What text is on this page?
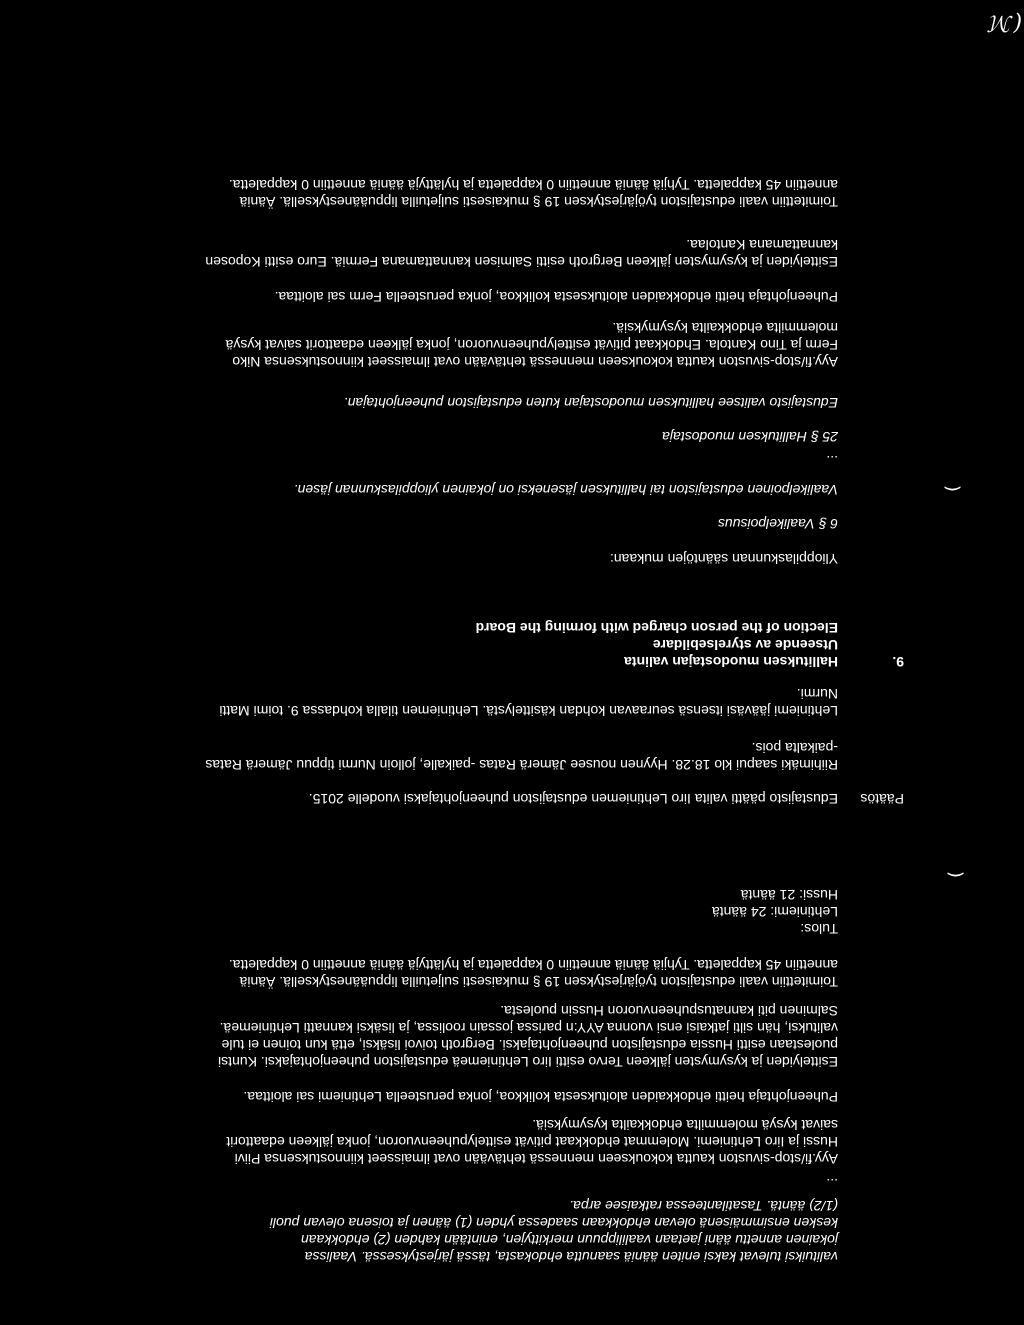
(ℳ
valituiksi tulevat kaksi eniten ääniä saanutta ehdokasta, tässä järjestyksessä. Vaalissa
jokainen annettu ääni jaetaan vaalilippuun merkittyjen, enintään kahden (2) ehdokkaan
kesken ensimmäisenä olevan ehdokkaan saadessa yhden (1) äänen ja toisena olevan puoli
(1/2) ääntä. Tasatilanteessa ratkaisee arpa.
...
Ayy.fi/stop-sivuston kautta kokoukseen mennessä tehtävään ovat ilmaisseet kiinnostuksensa Piivi
Hussi ja Iiro Lehtiniemi. Molemmat ehdokkaat pitivät esittelypuheenvuoron, jonka jälkeen edaattorit
saivat kysyä molemmilta ehdokkailta kysymyksiä.
Puheenjohtaja heitti ehdokkaiden aloituksesta kolikkoa, jonka perusteella Lehtiniemi sai aloittaa.
Esittelyiden ja kysymysten jälkeen Tervo esitti Iiro Lehtiniemeä edustajiston puheenjohtajaksi. Kuntsi
puolestaan esitti Hussia edustajiston puheenjohtajaksi. Bergroth toivoi lisäksi, että kun toinen ei tule
valituksi, hän silti jatkaisi ensi vuonna AYY:n parissa jossain roolissa, ja lisäksi kannatti Lehtiniemeä.
Salminen piti kannatuspuheenvuoron Hussin puolesta.
Toimitettiin vaali edustajiston työjärjestyksen 19 § mukaisesti suljetuilla lippuäänestyksellä. Ääniä
annettiin 45 kappaletta. Tyhjiä ääniä annettiin 0 kappaletta ja hylättyjä ääniä annettiin 0 kappaletta.
(
Tulos:
Lehtiniemi: 24 ääntä
Hussi: 21 ääntä
Päätös
Edustajisto päätti valita Iiro Lehtiniemen edustajiston puheenjohtajaksi vuodelle 2015.
Riihimäki saapui klo 18.28. Hyynen nousee Jämerä Ratas -paikalle, jolloin Nurmi tippuu Jämerä Ratas
-paikalta pois.
Lehtiniemi jääväsi itsensä seuraavan kohdan käsittelystä. Lehtiniemen tilalla kohdassa 9. toimi Matti
Nurmi.
9.
Hallituksen muodostajan valinta
Utseende av styrelsebildare
Election of the person charged with forming the Board
Ylioppilaskunnan sääntöjen mukaan:
6 § Vaalikelpoisuus
Vaalikelpoinen edustajiston tai hallituksen jäseneksi on jokainen ylioppilaskunnan jäsen.	(
...
25 § Hallituksen muodostaja
Edustajisto valitsee hallituksen muodostajan kuten edustajiston puheenjohtajan.
Ayy.fi/stop-sivuston kautta kokoukseen mennessä tehtävään ovat ilmaisseet kiinnostuksensa Niko
Ferm ja Tino Kantola. Ehdokkaat pitivät esittelypuheenvuoron, jonka jälkeen edaattorit saivat kysyä
molemmilta ehdokkailta kysymyksiä.
Puheenjohtaja heitti ehdokkaiden aloituksesta kolikkoa, jonka perusteella Ferm sai aloittaa.
Esittelyiden ja kysymysten jälkeen Bergroth esitti Salmisen kannattamana Fermiä. Euro esitti Koposen
kannattamana Kantolaa.
Toimitettiin vaali edustajiston työjärjestyksen 19 § mukaisesti suljetuilla lippuäänestyksellä. Ääniä
annettiin 45 kappaletta. Tyhjiä ääniä annettiin 0 kappaletta ja hylättyjä ääniä annettiin 0 kappaletta.
